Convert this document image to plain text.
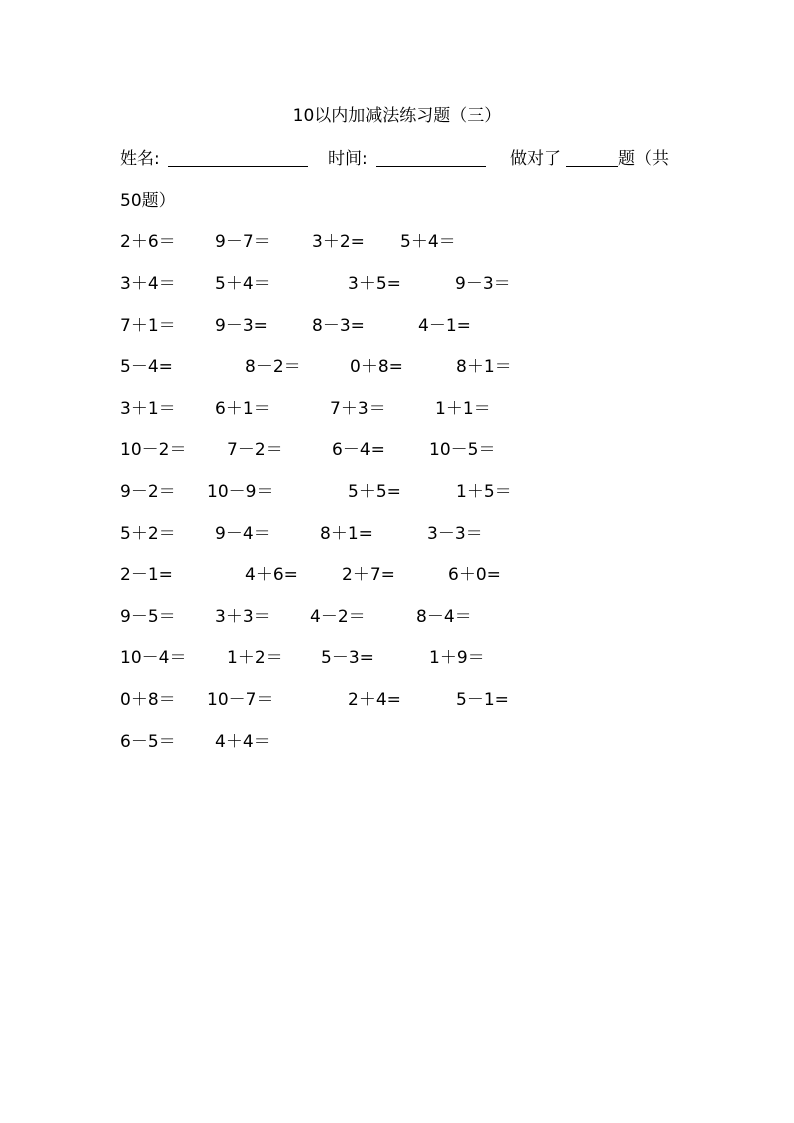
10以内加减法练习题（三）
姓名:	时间:	做对了	题（共
50题）
2＋6＝ 9－7＝ 3＋2= 5＋4＝
3＋4＝ 5＋4＝	3＋5=	9－3＝
7＋1＝ 9－3=	8－3=	4－1=
5－4=	8－2＝	0＋8=	8＋1＝
3＋1＝ 6＋1＝	7＋3＝	1＋1＝
10－2＝ 7－2＝	6－4=	10－5＝
9－2＝ 10－9＝	5＋5=	1＋5＝
5＋2＝ 9－4＝	8＋1=	3－3＝
2－1=	4＋6=	2＋7=	6＋0=
9－5＝ 3＋3＝ 4－2＝	8－4＝
10－4＝ 1＋2＝ 5－3=	1＋9＝
0＋8＝ 10－7＝	2＋4=	5－1=
6－5＝ 4＋4＝
